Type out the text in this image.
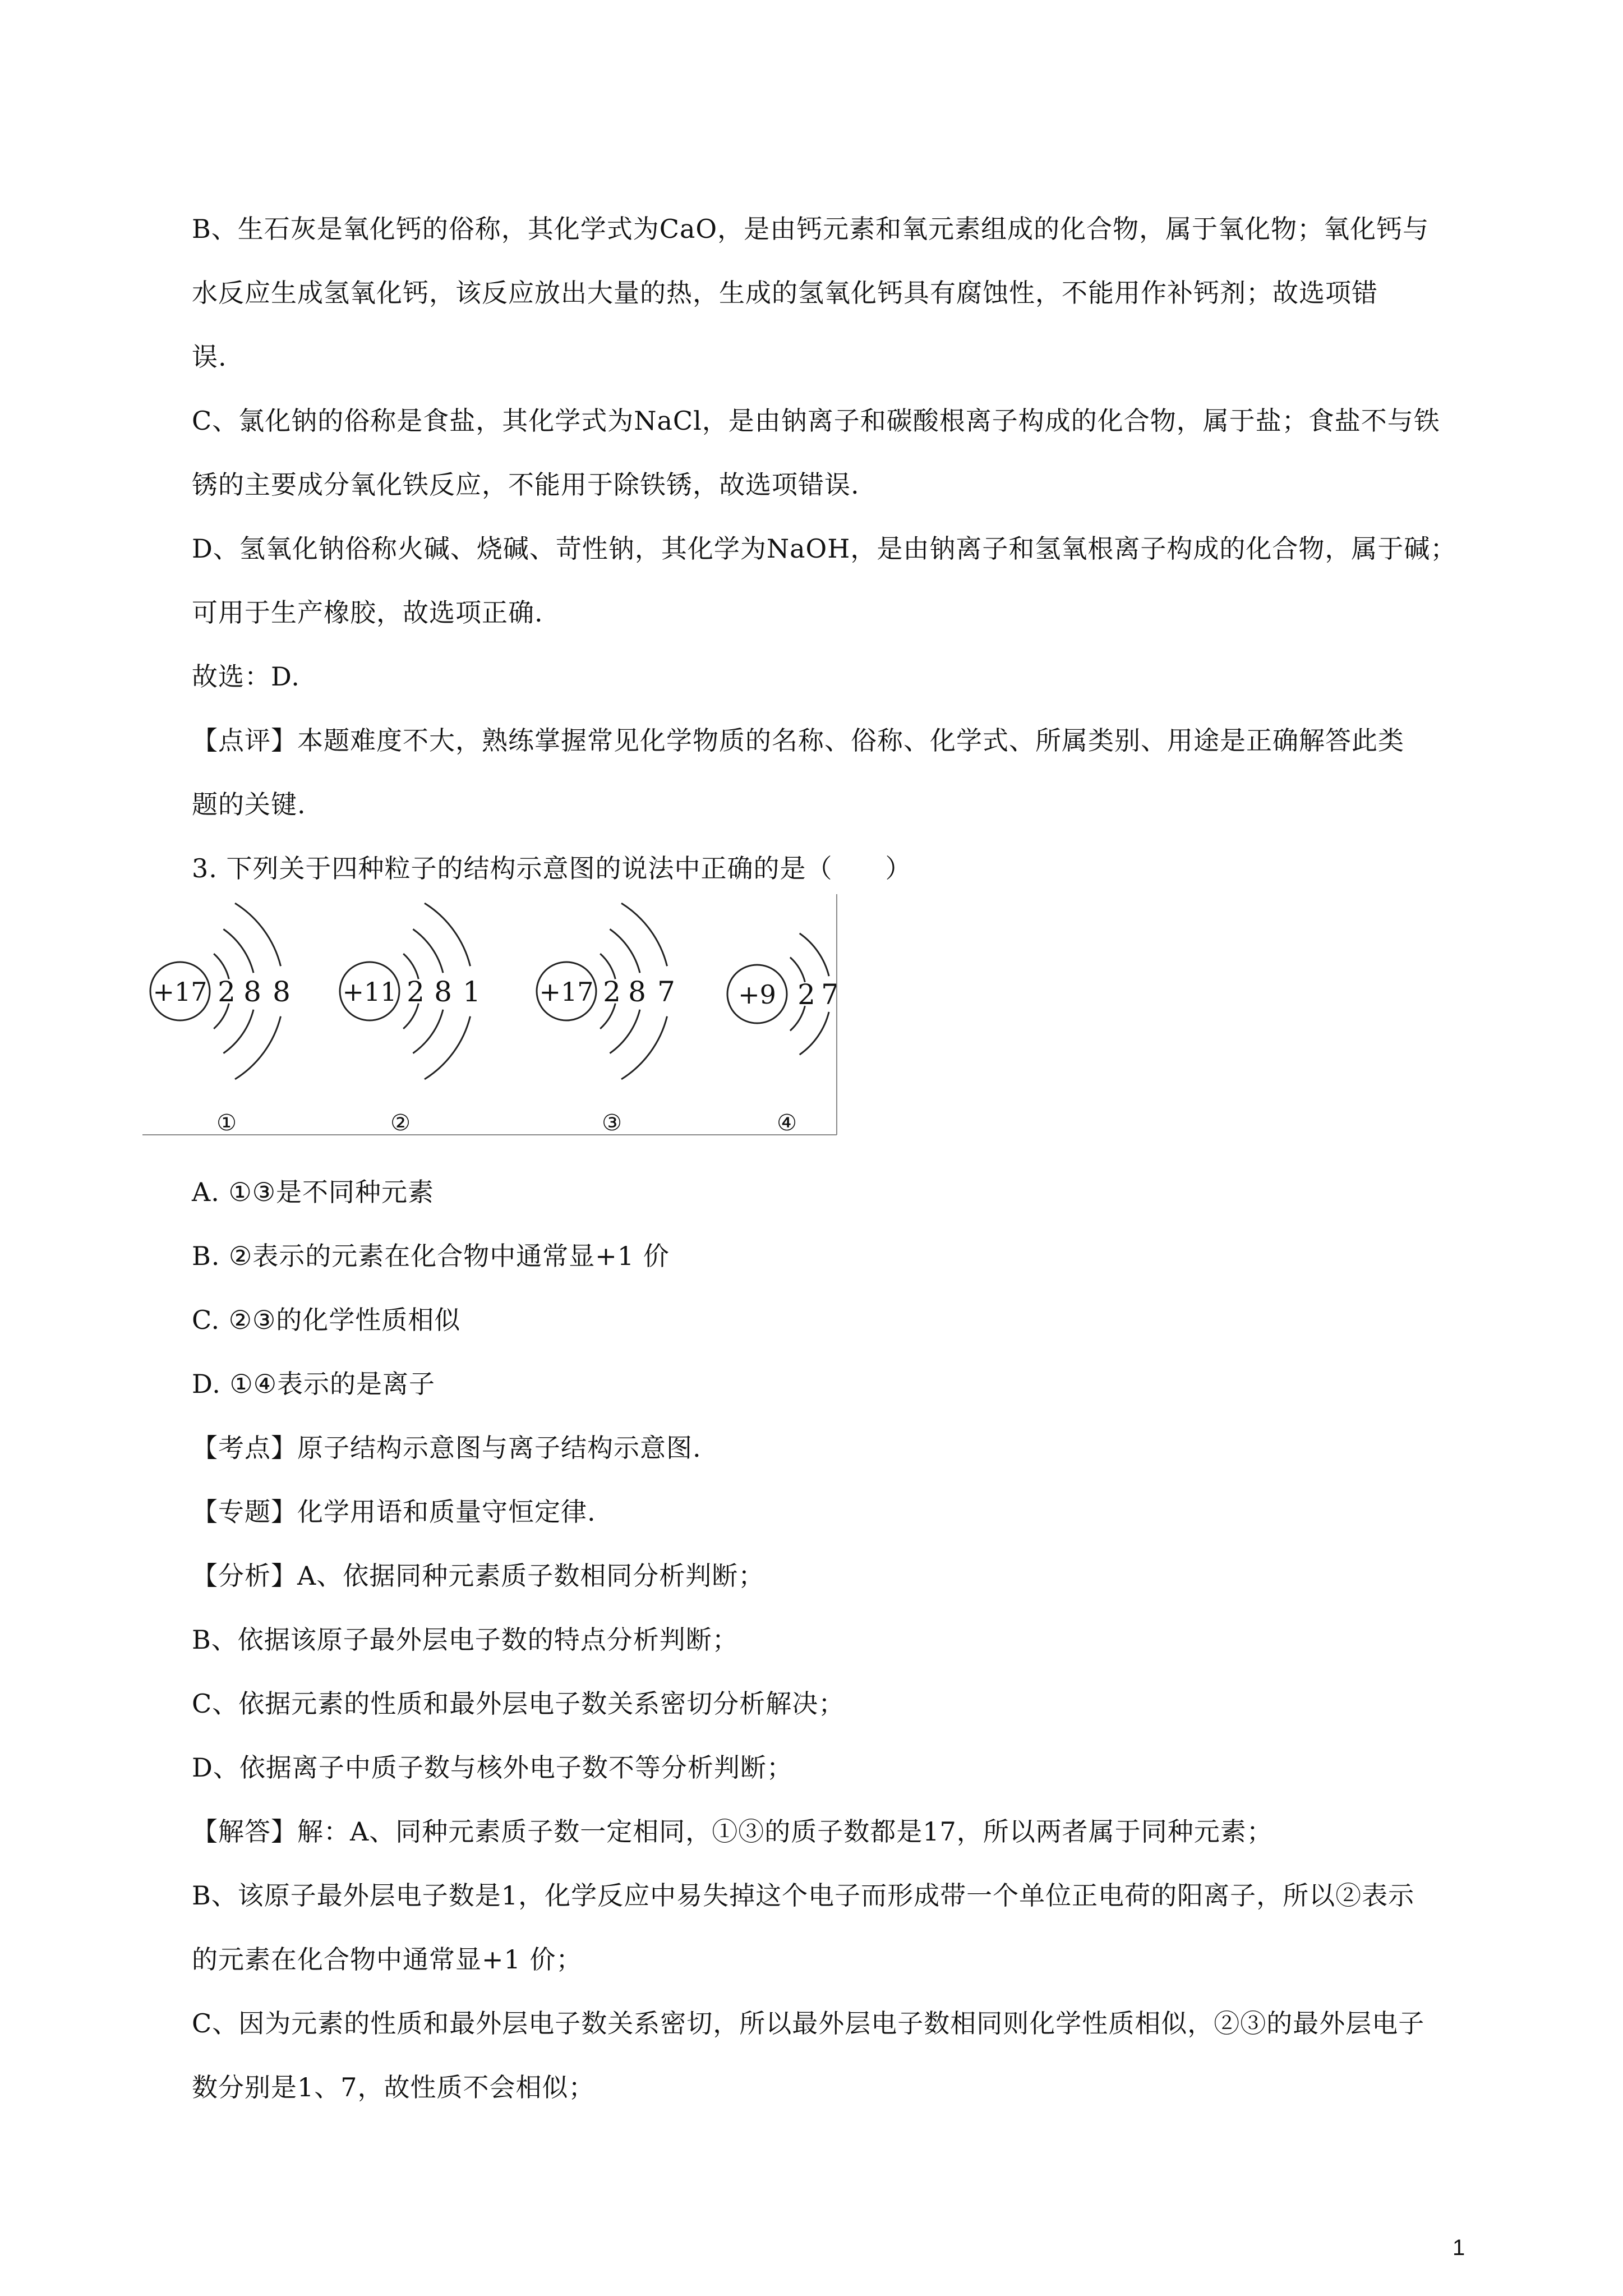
B、生石灰是氧化钙的俗称，其化学式为CaO，是由钙元素和氧元素组成的化合物，属于氧化物；氧化钙与
水反应生成氢氧化钙，该反应放出大量的热，生成的氢氧化钙具有腐蚀性，不能用作补钙剂；故选项错
误.
C、氯化钠的俗称是食盐，其化学式为NaCl，是由钠离子和碳酸根离子构成的化合物，属于盐；食盐不与铁
锈的主要成分氧化铁反应，不能用于除铁锈，故选项错误.
D、氢氧化钠俗称火碱、烧碱、苛性钠，其化学为NaOH，是由钠离子和氢氧根离子构成的化合物，属于碱；
可用于生产橡胶，故选项正确.
故选：D.
【点评】本题难度不大，熟练掌握常见化学物质的名称、俗称、化学式、所属类别、用途是正确解答此类
题的关键.
3. 下列关于四种粒子的结构示意图的说法中正确的是（　　）
+17 2 8 8
①
+11 2 8 1
②
+17 2 8 7
③
+9 2 7
④
A. ①③是不同种元素
B. ②表示的元素在化合物中通常显+1 价
C. ②③的化学性质相似
D. ①④表示的是离子
【考点】原子结构示意图与离子结构示意图.
【专题】化学用语和质量守恒定律.
【分析】A、依据同种元素质子数相同分析判断；
B、依据该原子最外层电子数的特点分析判断；
C、依据元素的性质和最外层电子数关系密切分析解决；
D、依据离子中质子数与核外电子数不等分析判断；
【解答】解：A、同种元素质子数一定相同，①③的质子数都是17，所以两者属于同种元素；
B、该原子最外层电子数是1，化学反应中易失掉这个电子而形成带一个单位正电荷的阳离子，所以②表示
的元素在化合物中通常显+1 价；
C、因为元素的性质和最外层电子数关系密切，所以最外层电子数相同则化学性质相似，②③的最外层电子
数分别是1、7，故性质不会相似；
1
